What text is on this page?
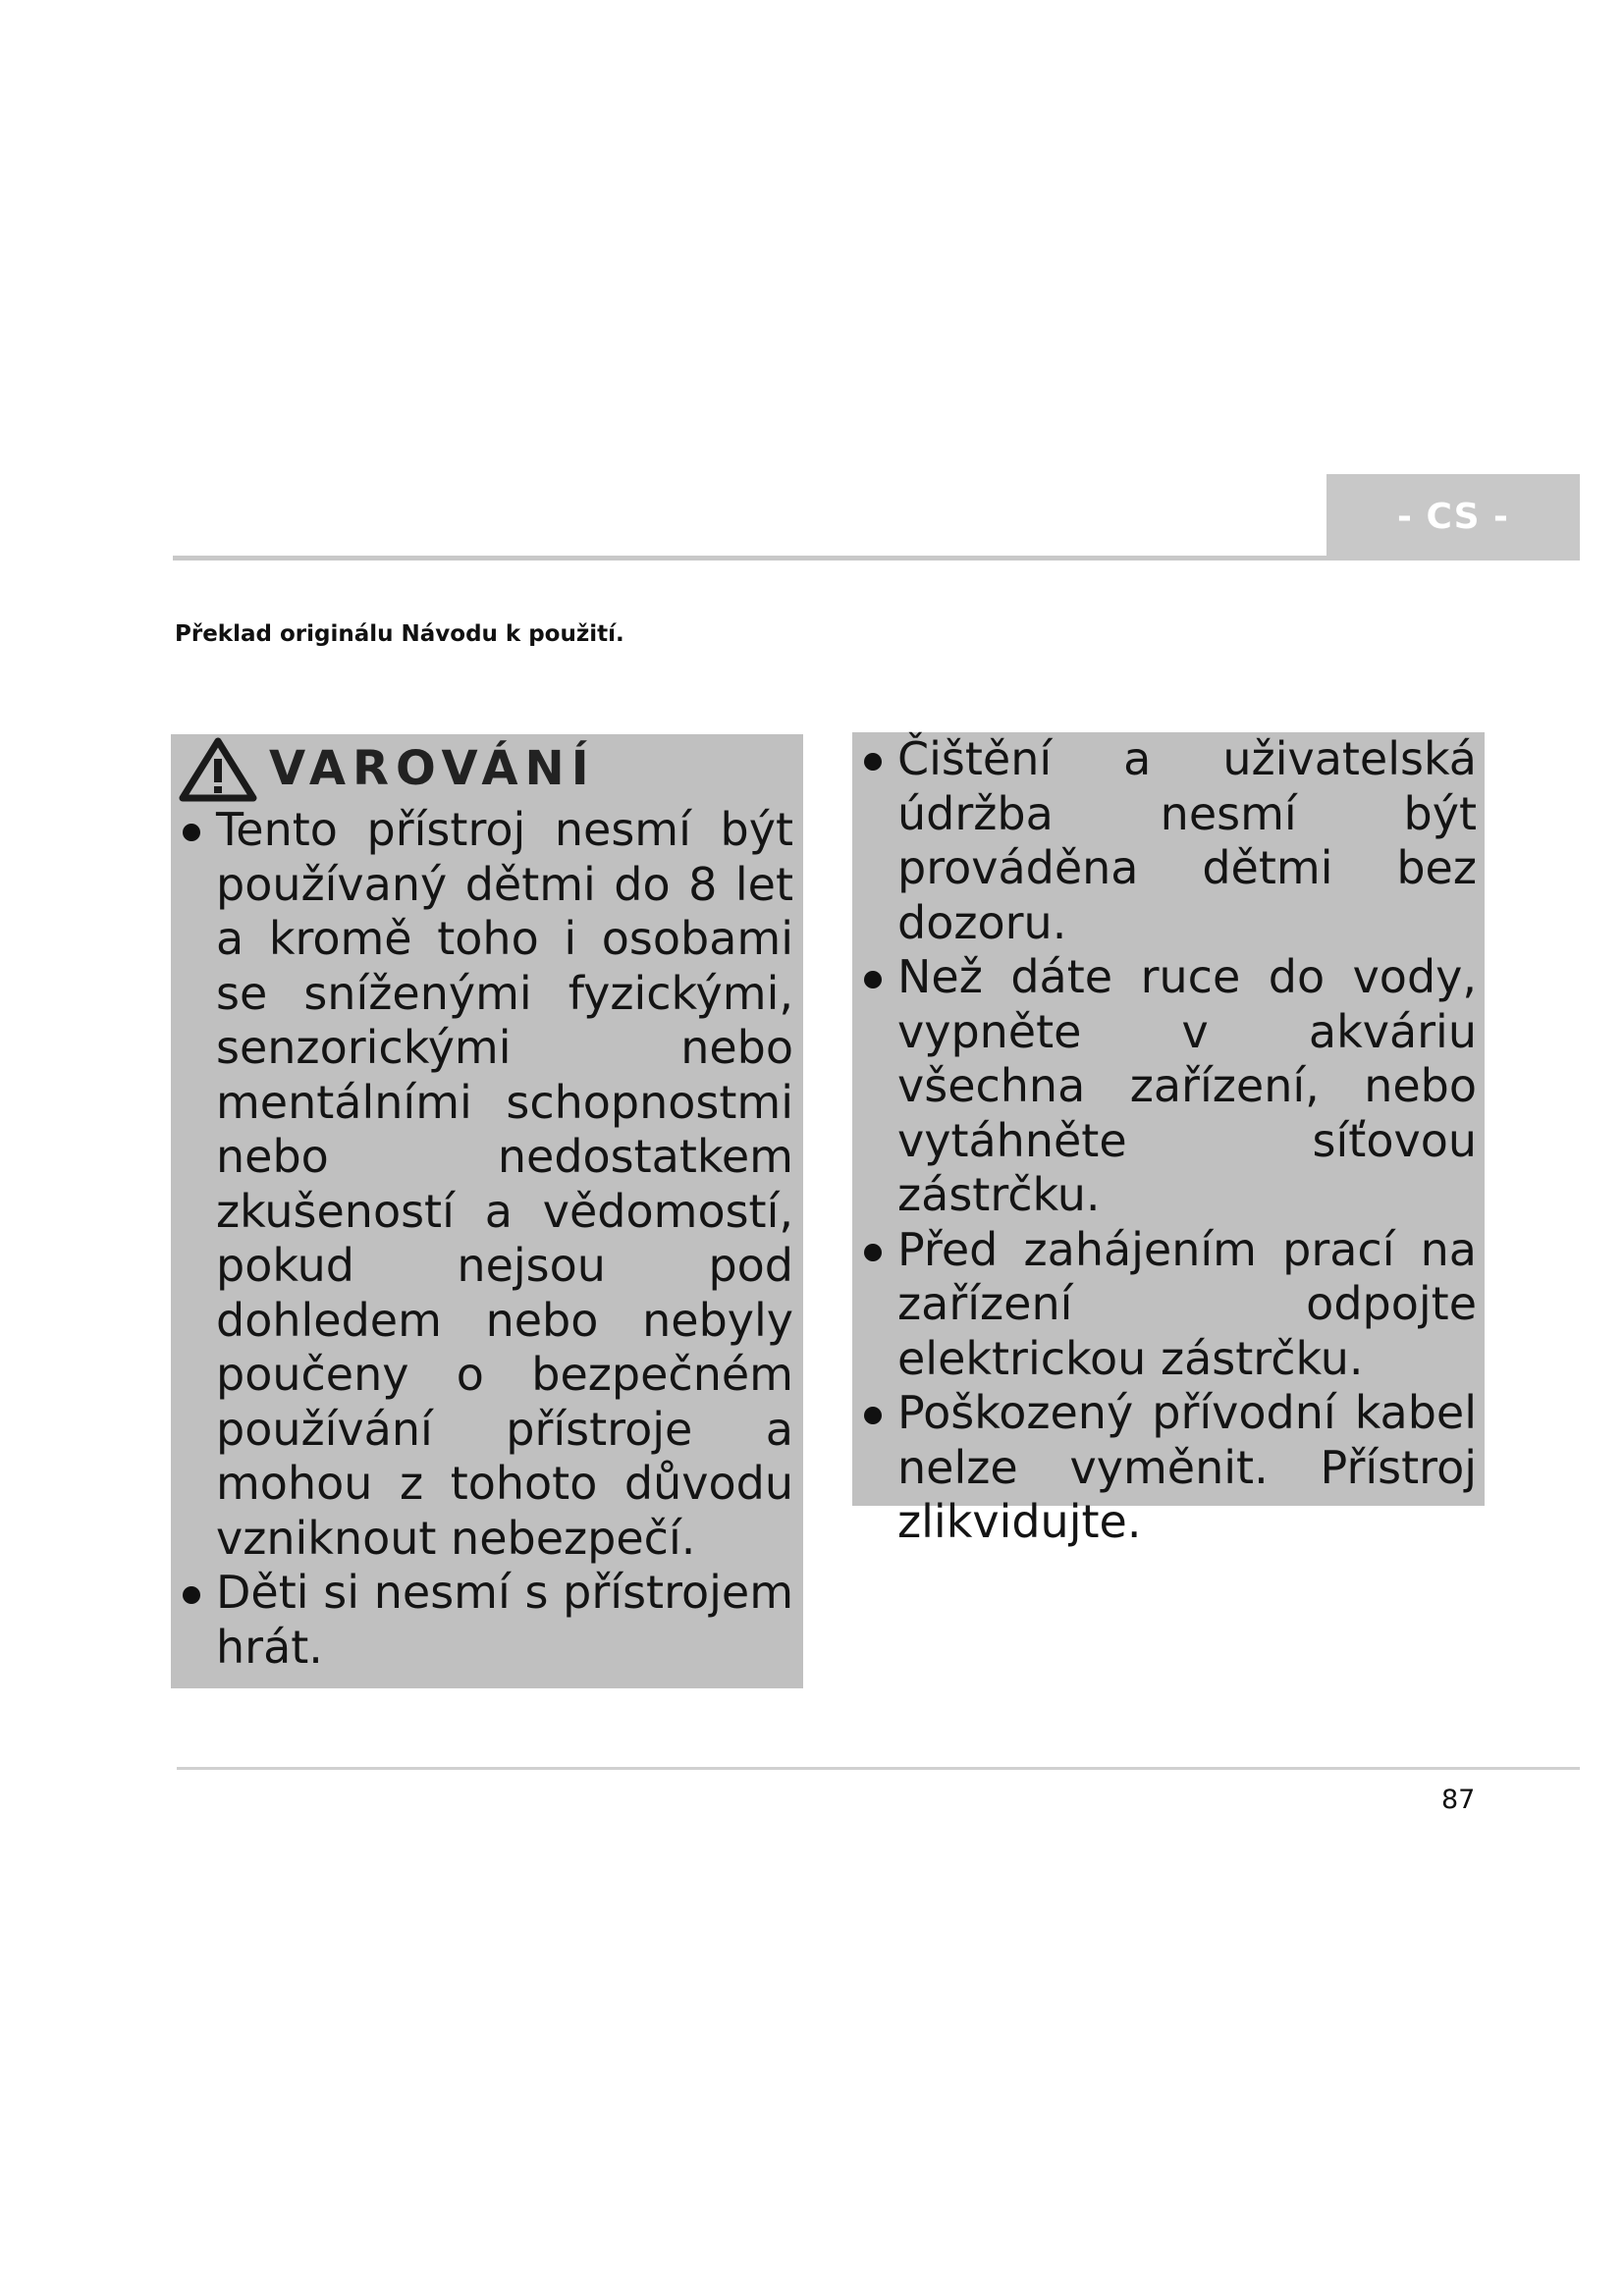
- CS -
Překlad originálu Návodu k použití.
VAROVÁNÍ
Tento přístroj nesmí být používaný dětmi do 8 let a kromě toho i osobami se sníženými fyzickými, senzorickými nebo mentálními schopnostmi nebo nedostatkem zkušeností a vědomostí, pokud nejsou pod dohledem nebo nebyly poučeny o bezpečném používání přístroje a mohou z tohoto důvodu vzniknout nebezpečí.
Děti si nesmí s přístrojem hrát.
Čištění a uživatelská údržba nesmí být prováděna dětmi bez dozoru.
Než dáte ruce do vody, vypněte v akváriu všechna zařízení, nebo vytáhněte síťovou zástrčku.
Před zahájením prací na zařízení odpojte elektrickou zástrčku.
Poškozený přívodní kabel nelze vyměnit. Přístroj zlikvidujte.
87
